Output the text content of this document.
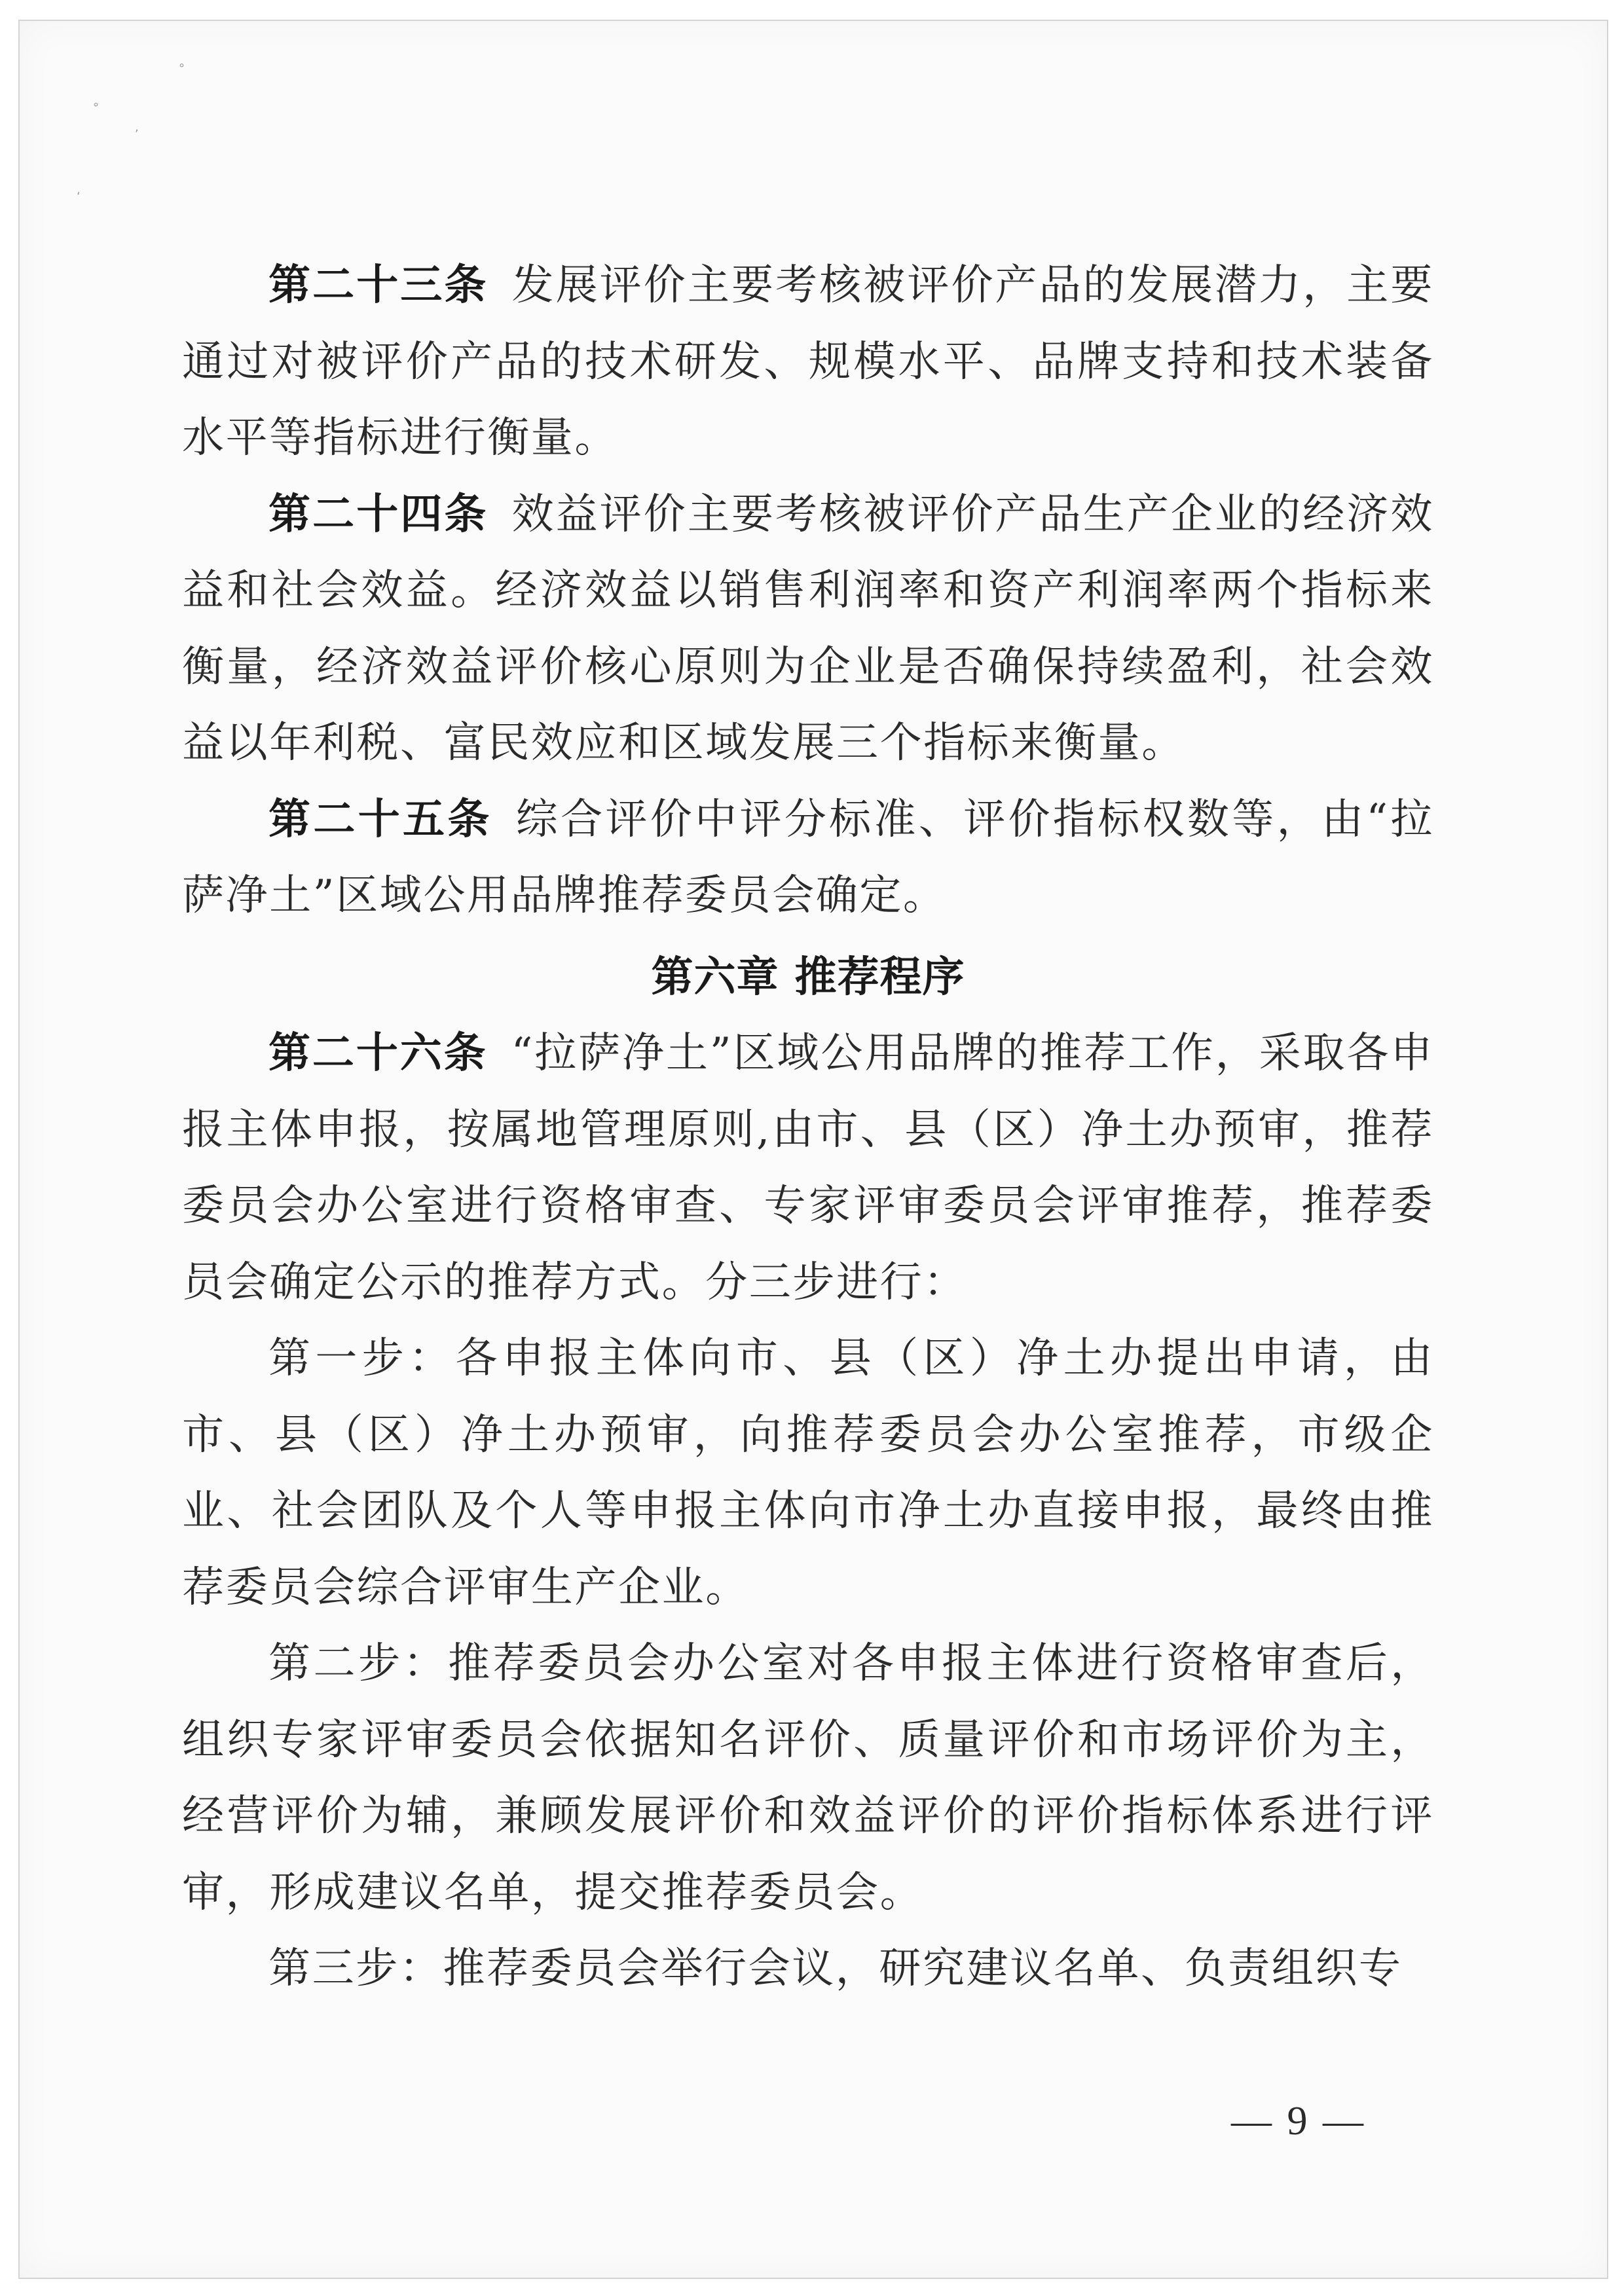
°
°
,
‘

第二十三条 发展评价主要考核被评价产品的发展潜力，主要通过对被评价产品的技术研发、规模水平、品牌支持和技术装备水平等指标进行衡量。

第二十四条 效益评价主要考核被评价产品生产企业的经济效益和社会效益。经济效益以销售利润率和资产利润率两个指标来衡量，经济效益评价核心原则为企业是否确保持续盈利，社会效益以年利税、富民效应和区域发展三个指标来衡量。

第二十五条 综合评价中评分标准、评价指标权数等，由“拉萨净土”区域公用品牌推荐委员会确定。

第六章 推荐程序

第二十六条 “拉萨净土”区域公用品牌的推荐工作，采取各申报主体申报，按属地管理原则,由市、县（区）净土办预审，推荐委员会办公室进行资格审查、专家评审委员会评审推荐，推荐委员会确定公示的推荐方式。分三步进行：

第一步：各申报主体向市、县（区）净土办提出申请，由市、县（区）净土办预审，向推荐委员会办公室推荐，市级企业、社会团队及个人等申报主体向市净土办直接申报，最终由推荐委员会综合评审生产企业。

第二步：推荐委员会办公室对各申报主体进行资格审查后，组织专家评审委员会依据知名评价、质量评价和市场评价为主，经营评价为辅，兼顾发展评价和效益评价的评价指标体系进行评审，形成建议名单，提交推荐委员会。

第三步：推荐委员会举行会议，研究建议名单、负责组织专

— 9 —
